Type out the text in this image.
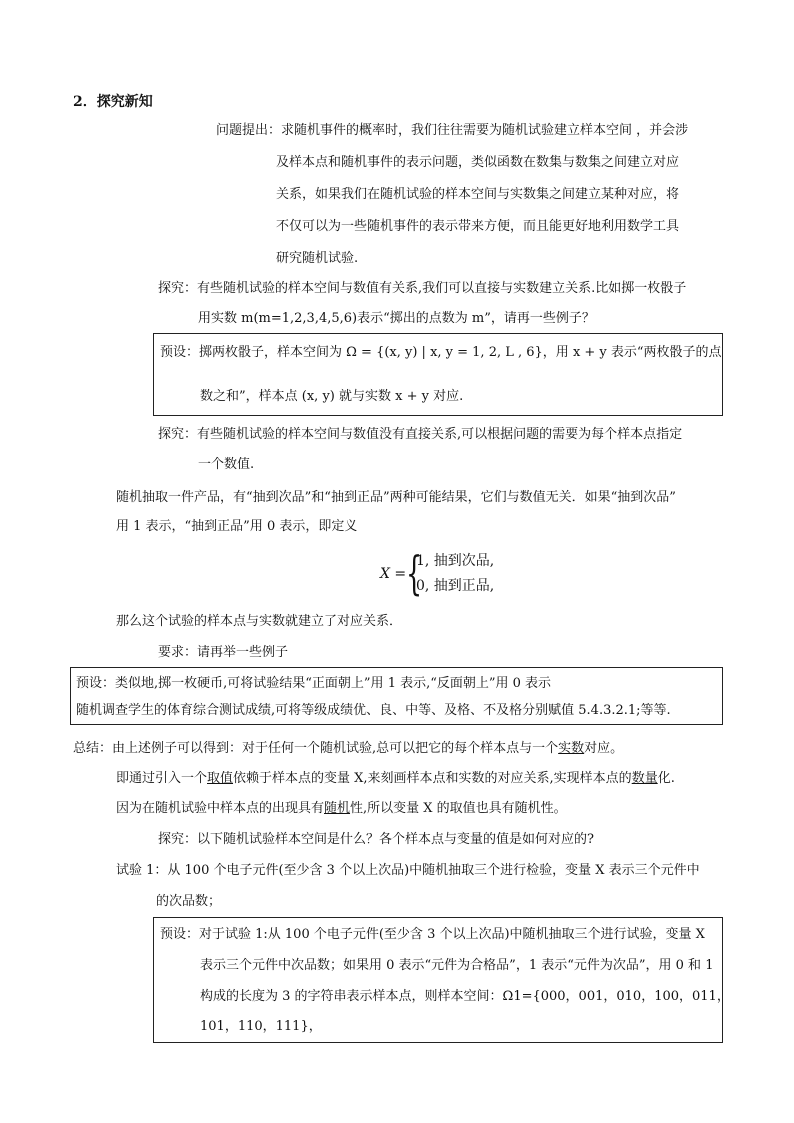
2．探究新知
问题提出：求随机事件的概率时，我们往往需要为随机试验建立样本空间 ，并会涉
及样本点和随机事件的表示问题，类似函数在数集与数集之间建立对应
关系，如果我们在随机试验的样本空间与实数集之间建立某种对应，将
不仅可以为一些随机事件的表示带来方便，而且能更好地利用数学工具
研究随机试验.
探究：有些随机试验的样本空间与数值有关系,我们可以直接与实数建立关系.比如掷一枚骰子
用实数 m(m=1,2,3,4,5,6)表示“掷出的点数为 m”，请再一些例子？
预设：掷两枚骰子，样本空间为 Ω = {(x, y) | x, y = 1, 2, L , 6}，用 x + y 表示“两枚骰子的点
数之和”，样本点 (x, y) 就与实数 x + y 对应.
探究：有些随机试验的样本空间与数值没有直接关系,可以根据问题的需要为每个样本点指定
一个数值.
随机抽取一件产品，有“抽到次品”和“抽到正品”两种可能结果，它们与数值无关．如果“抽到次品”
用 1 表示，“抽到正品”用 0 表示，即定义
X = {
1, 抽到次品,
0, 抽到正品,
那么这个试验的样本点与实数就建立了对应关系．
要求：请再举一些例子
预设：类似地,掷一枚硬币,可将试验结果“正面朝上”用 1 表示,“反面朝上”用 0 表示
随机调查学生的体育综合测试成绩,可将等级成绩优、良、中等、及格、不及格分别赋值 5.4.3.2.1;等等.
总结：由上述例子可以得到：对于任何一个随机试验,总可以把它的每个样本点与一个实数对应。
即通过引入一个取值依赖于样本点的变量 X,来刻画样本点和实数的对应关系,实现样本点的数量化.
因为在随机试验中样本点的出现具有随机性,所以变量 X 的取值也具有随机性。
探究：以下随机试验样本空间是什么？各个样本点与变量的值是如何对应的?
试验 1：从 100 个电子元件(至少含 3 个以上次品)中随机抽取三个进行检验，变量 X 表示三个元件中
的次品数；
预设：对于试验 1:从 100 个电子元件(至少含 3 个以上次品)中随机抽取三个进行试验，变量 X
表示三个元件中次品数；如果用 0 表示“元件为合格品”，1 表示“元件为次品”，用 0 和 1
构成的长度为 3 的字符串表示样本点，则样本空间：Ω1={000，001，010，100，011，
101，110，111}，
